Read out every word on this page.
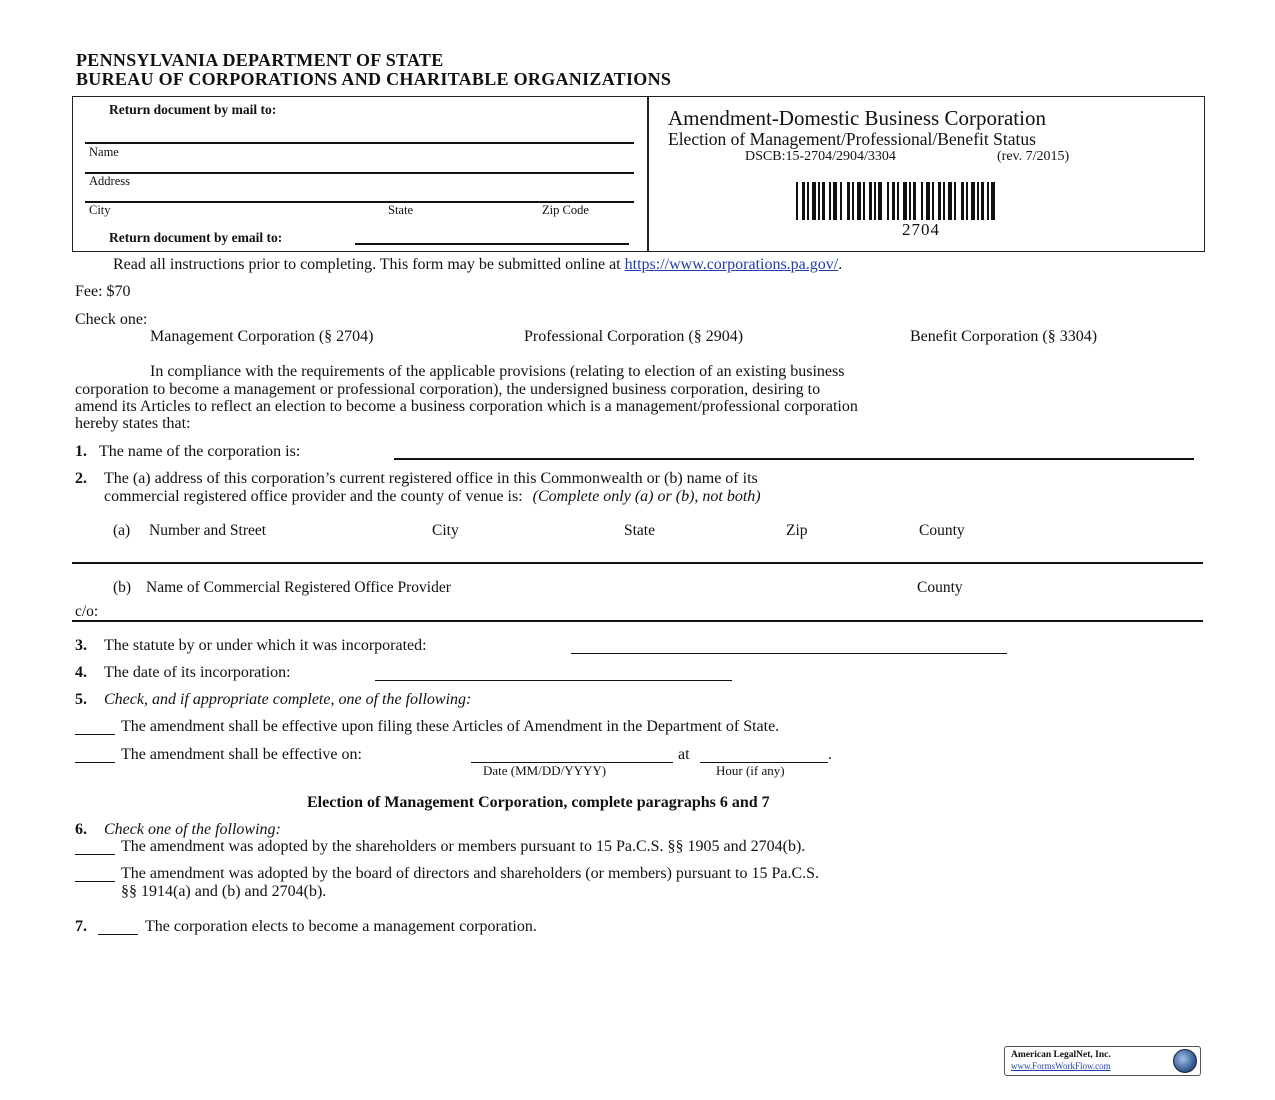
PENNSYLVANIA DEPARTMENT OF STATE
BUREAU OF CORPORATIONS AND CHARITABLE ORGANIZATIONS
Return document by mail to:
Name
Address
City	State	Zip Code
Return document by email to:
Amendment-Domestic Business Corporation
Election of Management/Professional/Benefit Status
DSCB:15-2704/2904/3304	(rev. 7/2015)
2704
Read all instructions prior to completing. This form may be submitted online at https://www.corporations.pa.gov/.
Fee: $70
Check one:
Management Corporation (§ 2704)	Professional Corporation (§ 2904)	Benefit Corporation (§ 3304)
In compliance with the requirements of the applicable provisions (relating to election of an existing business
corporation to become a management or professional corporation), the undersigned business corporation, desiring to
amend its Articles to reflect an election to become a business corporation which is a management/professional corporation
hereby states that:
1. The name of the corporation is:
2. The (a) address of this corporation’s current registered office in this Commonwealth or (b) name of its
commercial registered office provider and the county of venue is: (Complete only (a) or (b), not both)
(a) Number and Street	City	State	Zip	County
(b) Name of Commercial Registered Office Provider	County
c/o:
3. The statute by or under which it was incorporated:
4. The date of its incorporation:
5. Check, and if appropriate complete, one of the following:
The amendment shall be effective upon filing these Articles of Amendment in the Department of State.
The amendment shall be effective on:	at	.
Date (MM/DD/YYYY)	Hour (if any)
Election of Management Corporation, complete paragraphs 6 and 7
6. Check one of the following:
The amendment was adopted by the shareholders or members pursuant to 15 Pa.C.S. §§ 1905 and 2704(b).
The amendment was adopted by the board of directors and shareholders (or members) pursuant to 15 Pa.C.S.
§§ 1914(a) and (b) and 2704(b).
7.	The corporation elects to become a management corporation.
American LegalNet, Inc.
www.FormsWorkFlow.com
